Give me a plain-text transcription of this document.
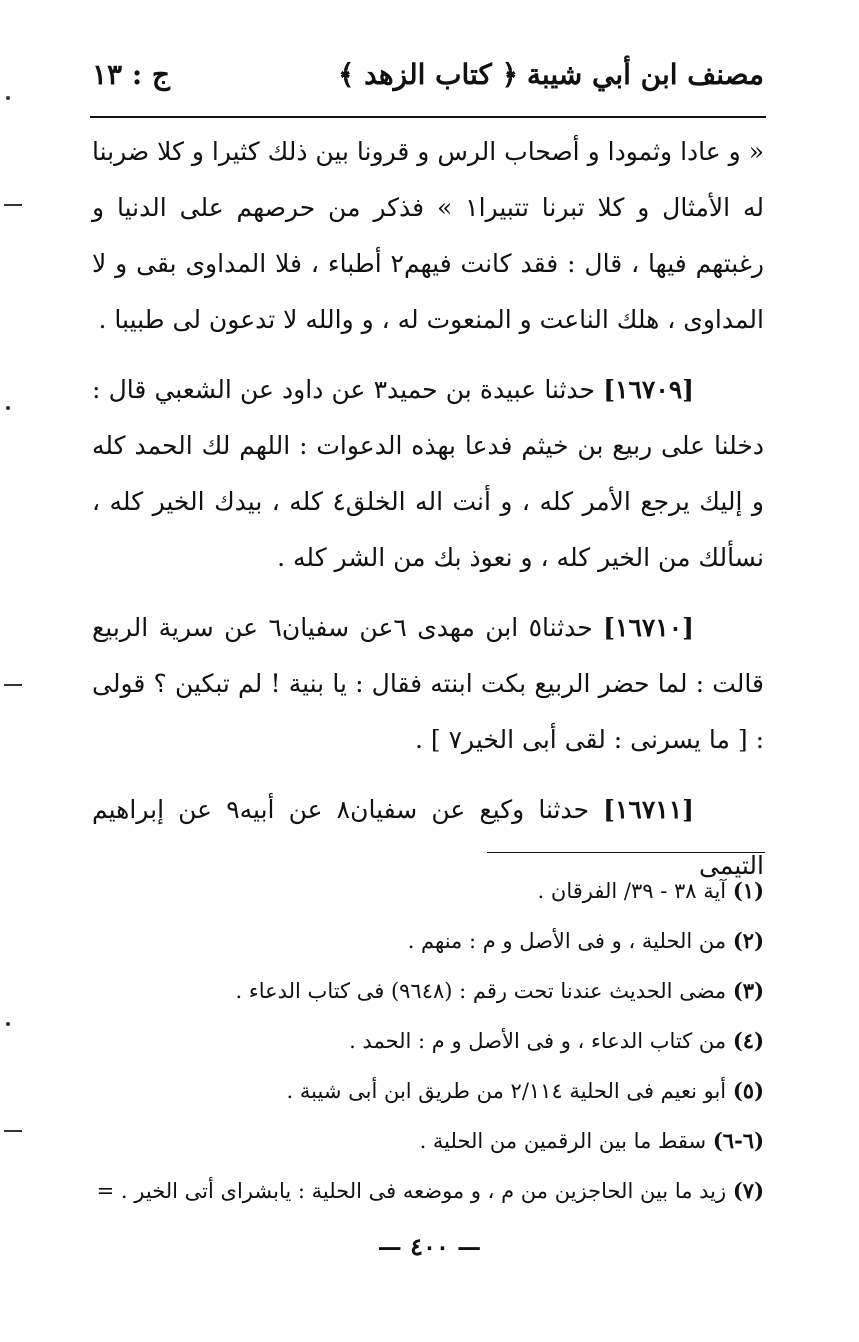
مصنف ابن أبي شيبة
﴿ كتاب الزهد ﴾
ج : ١٣

« و عادا وثمودا و أصحاب الرس و قرونا بين ذلك كثيرا و كلا ضربنا له الأمثال و كلا تبرنا تتبيرا١ » فذكر من حرصهم على الدنيا و رغبتهم فيها ، قال : فقد كانت فيهم٢ أطباء ، فلا المداوى بقى و لا المداوى ، هلك الناعت و المنعوت له ، و والله لا تدعون لى طبيبا .

[١٦٧٠٩] حدثنا عبيدة بن حميد٣ عن داود عن الشعبي قال : دخلنا على ربيع بن خيثم فدعا بهذه الدعوات : اللهم لك الحمد كله و إليك يرجع الأمر كله ، و أنت اله الخلق٤ كله ، بيدك الخير كله ، نسألك من الخير كله ، و نعوذ بك من الشر كله .

[١٦٧١٠] حدثنا٥ ابن مهدى ٦عن سفيان٦ عن سرية الربيع قالت : لما حضر الربيع بكت ابنته فقال : يا بنية ! لم تبكين ؟ قولى : [ ما يسرنى : لقى أبى الخير٧ ] .

[١٦٧١١] حدثنا وكيع عن سفيان٨ عن أبيه٩ عن إبراهيم التيمى

(١) آية ٣٨ - ٣٩/ الفرقان .
(٢) من الحلية ، و فى الأصل و م : منهم .
(٣) مضى الحديث عندنا تحت رقم : (٩٦٤٨) فى كتاب الدعاء .
(٤) من كتاب الدعاء ، و فى الأصل و م : الحمد .
(٥) أبو نعيم فى الحلية ٢/١١٤ من طريق ابن أبى شيبة .
(٦-٦) سقط ما بين الرقمين من الحلية .
(٧) زيد ما بين الحاجزين من م ، و موضعه فى الحلية : يابشراى أتى الخير . =
— ٤٠٠ —
